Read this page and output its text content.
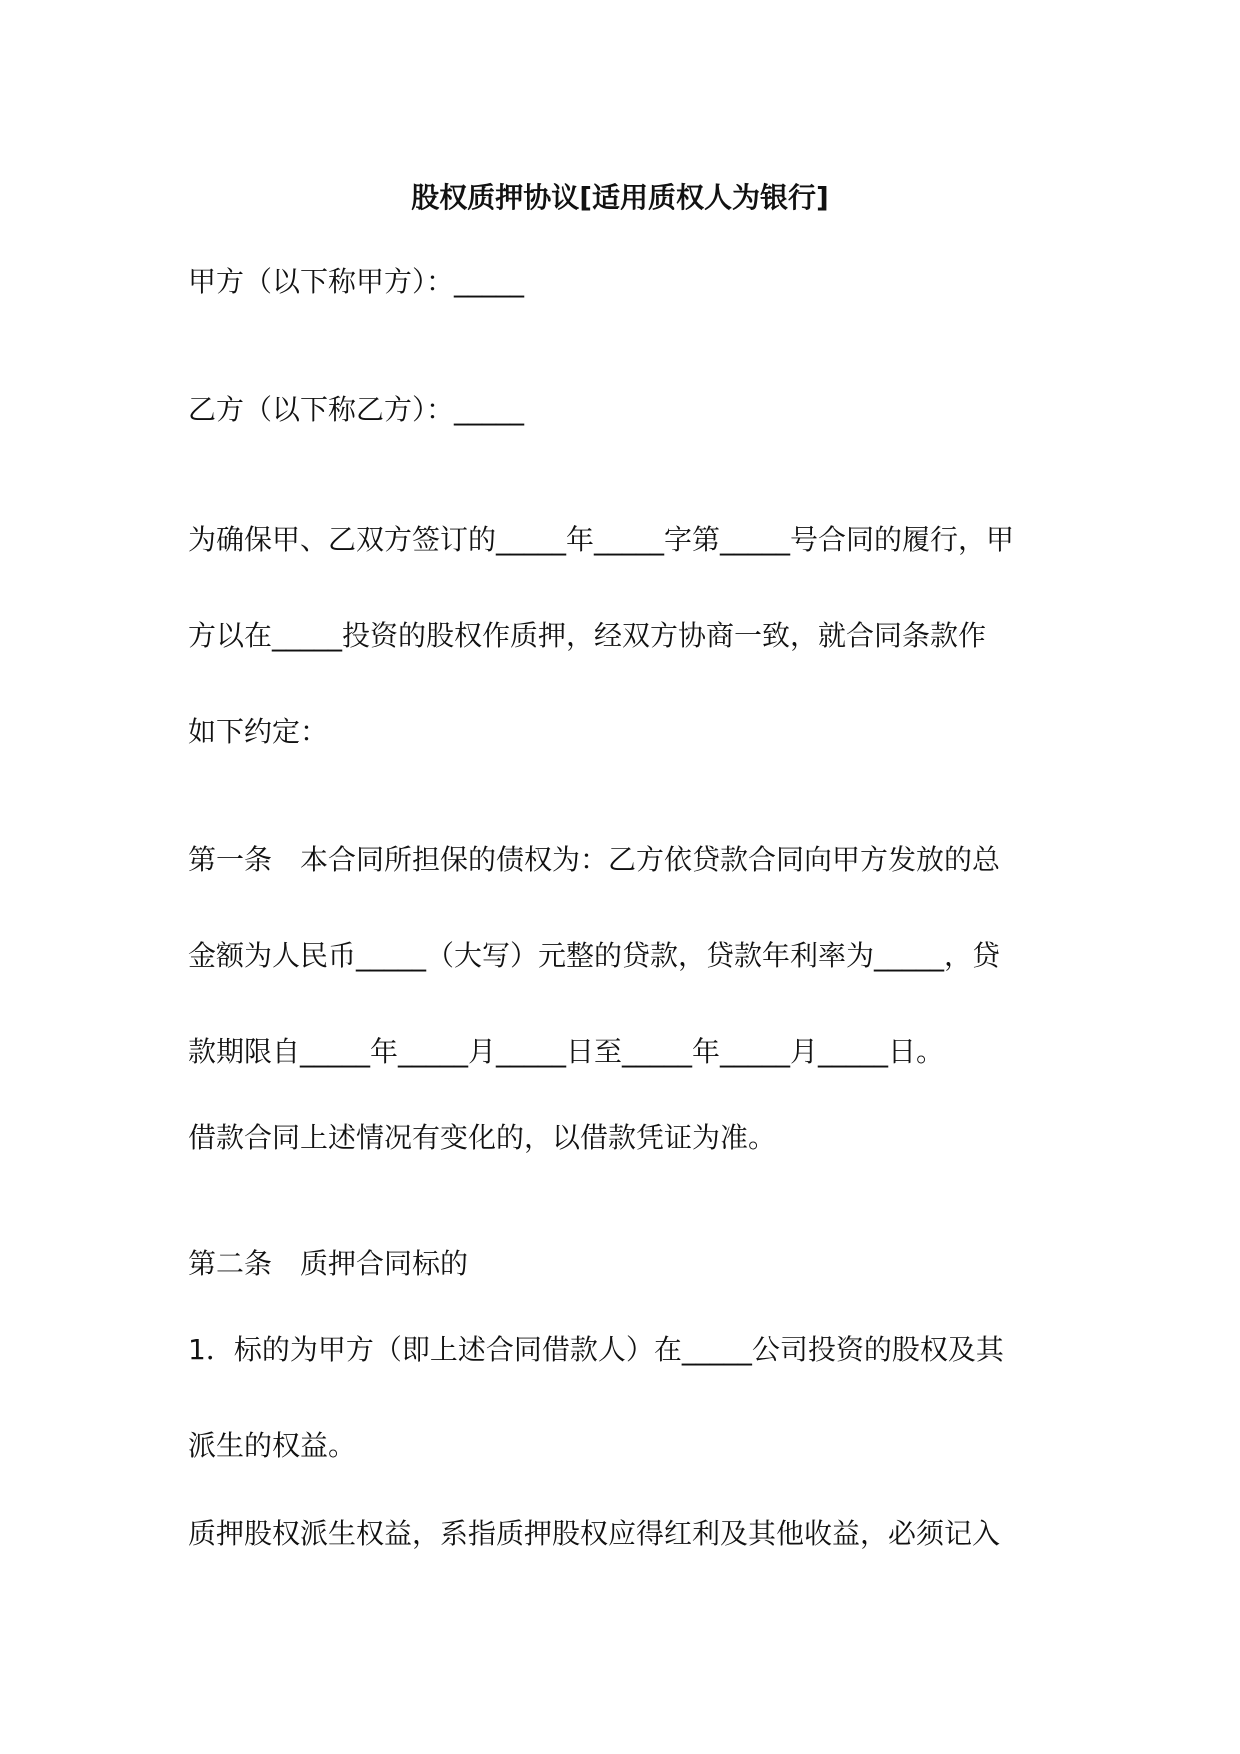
股权质押协议[适用质权人为银行]
甲方（以下称甲方）：_____
乙方（以下称乙方）：_____
为确保甲、乙双方签订的_____年_____字第_____号合同的履行，甲
方以在_____投资的股权作质押，经双方协商一致，就合同条款作
如下约定：
第一条　本合同所担保的债权为：乙方依贷款合同向甲方发放的总
金额为人民币_____（大写）元整的贷款，贷款年利率为_____，贷
款期限自_____年_____月_____日至_____年_____月_____日。
借款合同上述情况有变化的，以借款凭证为准。
第二条　质押合同标的
1．标的为甲方（即上述合同借款人）在_____公司投资的股权及其
派生的权益。
质押股权派生权益，系指质押股权应得红利及其他收益，必须记入
